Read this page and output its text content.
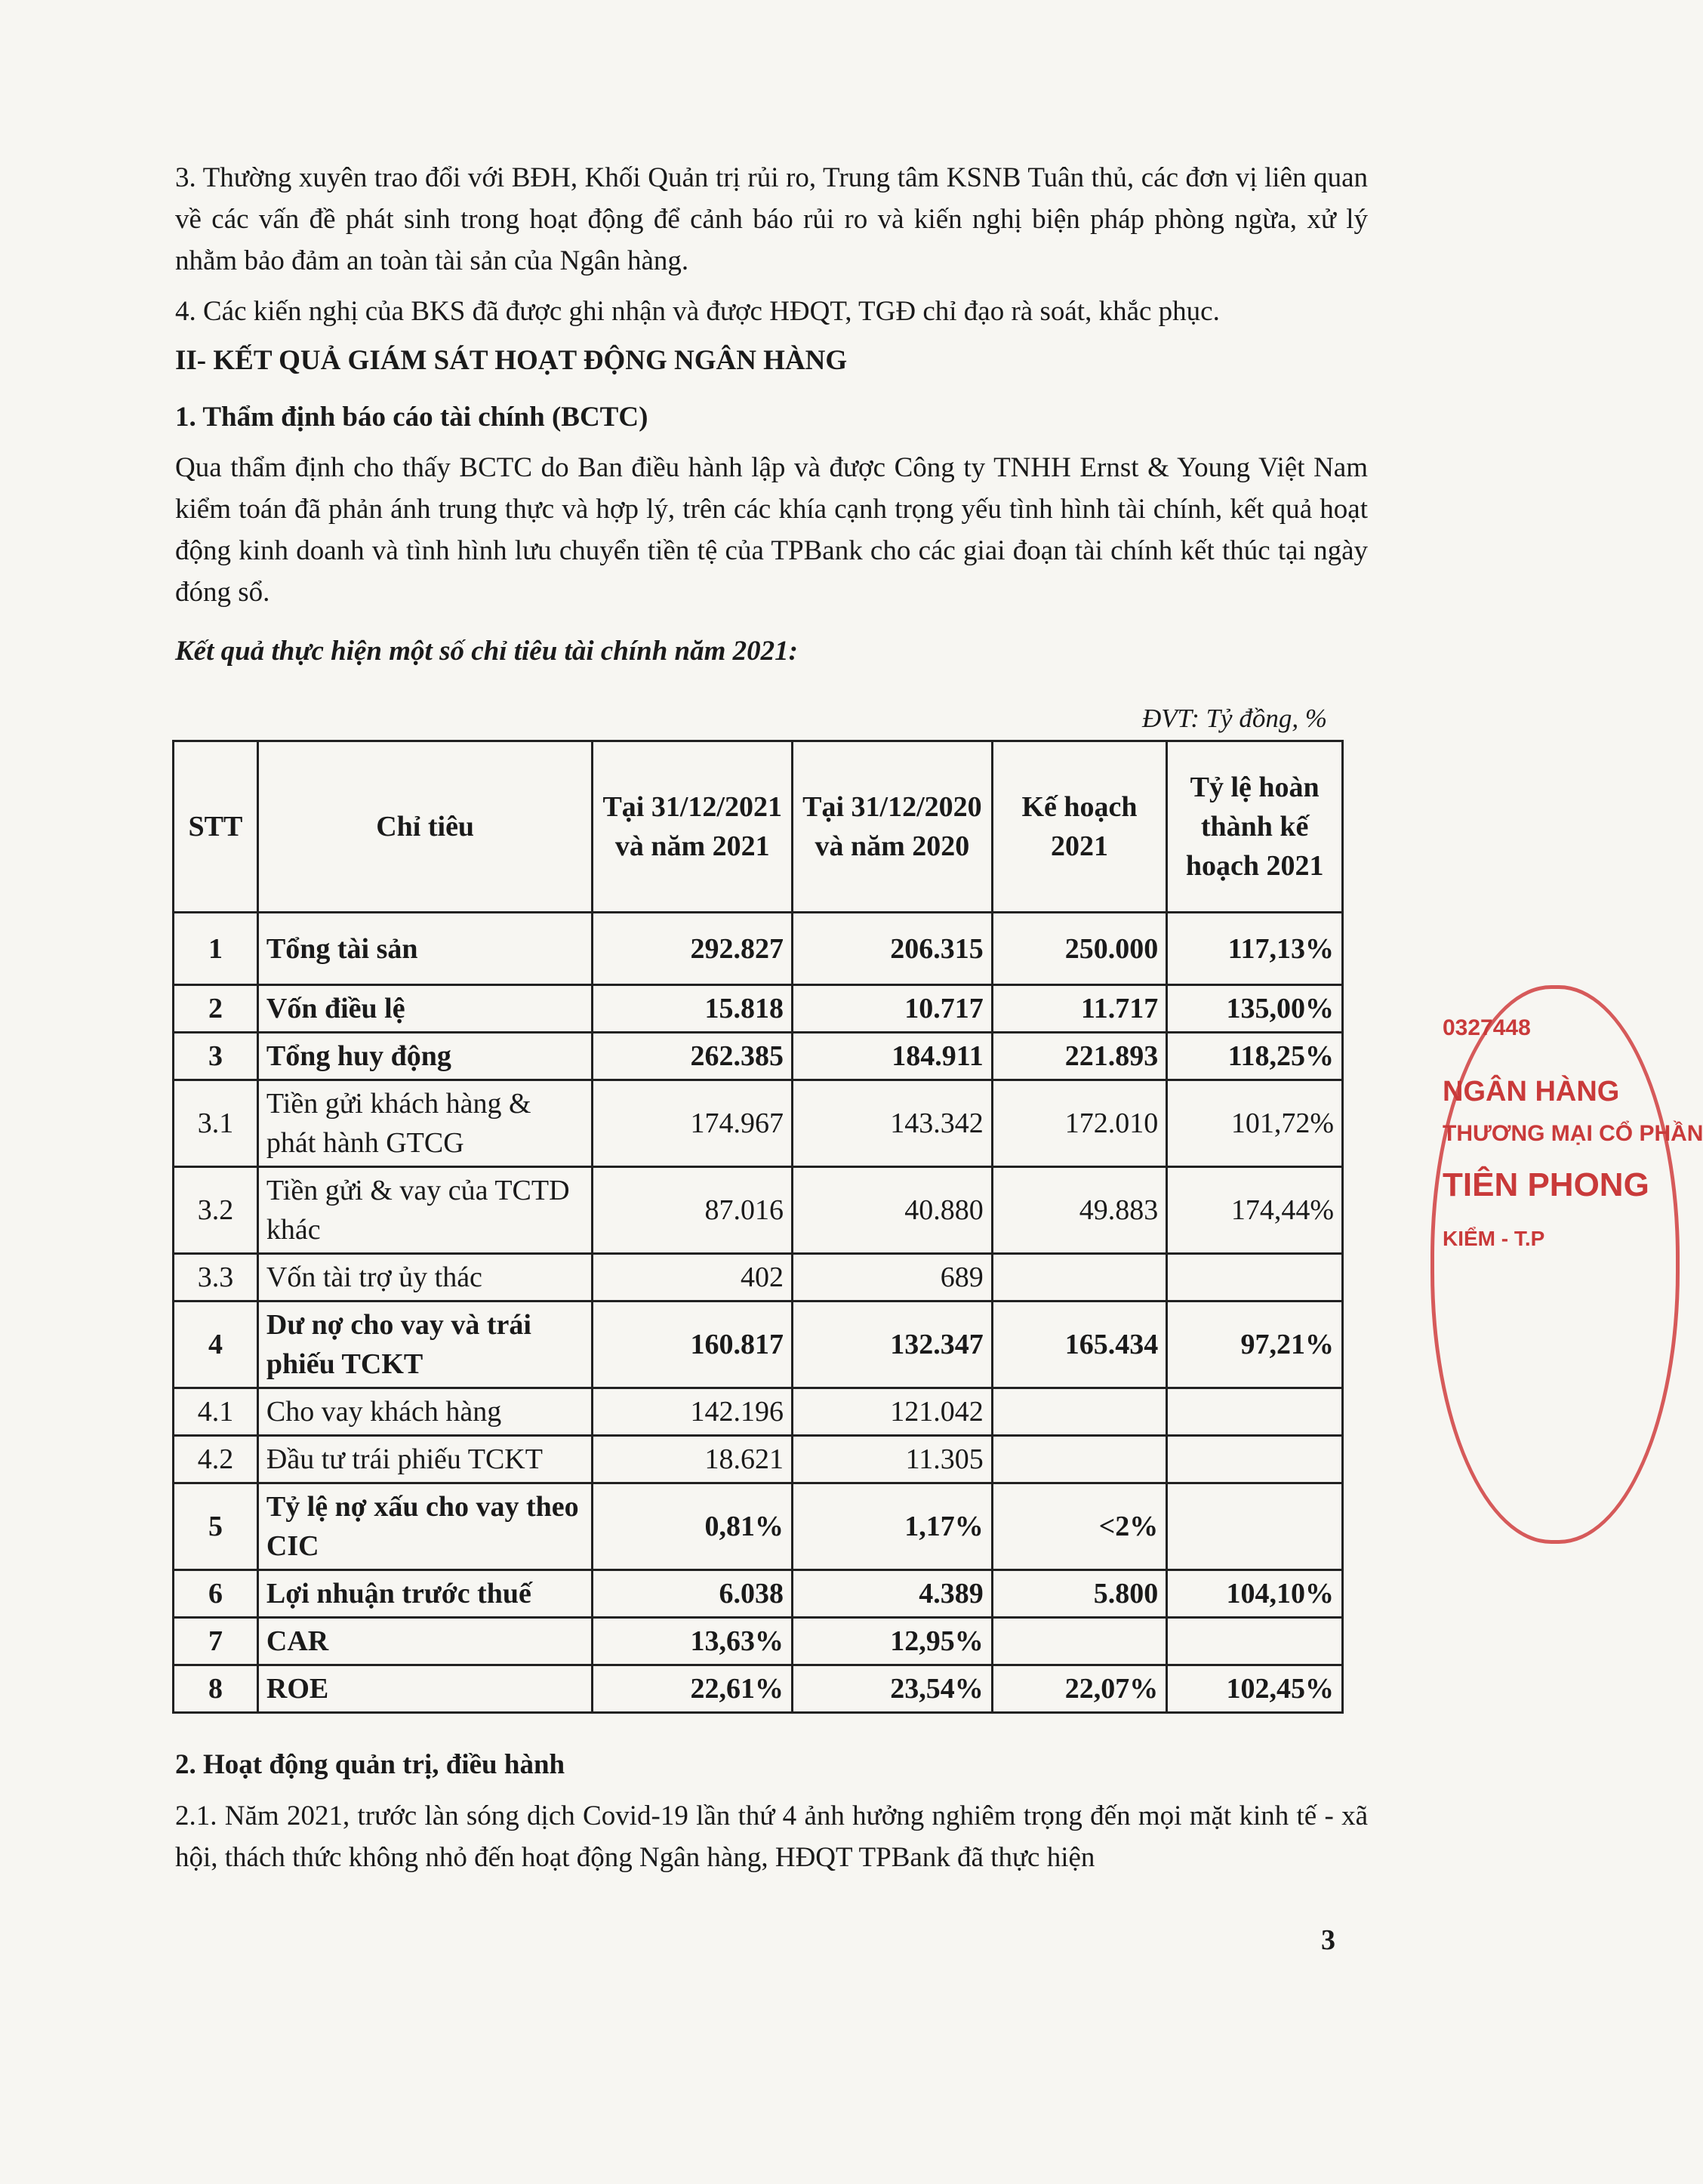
3. Thường xuyên trao đổi với BĐH, Khối Quản trị rủi ro, Trung tâm KSNB Tuân thủ, các đơn vị liên quan về các vấn đề phát sinh trong hoạt động để cảnh báo rủi ro và kiến nghị biện pháp phòng ngừa, xử lý nhằm bảo đảm an toàn tài sản của Ngân hàng.
4. Các kiến nghị của BKS đã được ghi nhận và được HĐQT, TGĐ chỉ đạo rà soát, khắc phục.
II- KẾT QUẢ GIÁM SÁT HOẠT ĐỘNG NGÂN HÀNG
1. Thẩm định báo cáo tài chính (BCTC)
Qua thẩm định cho thấy BCTC do Ban điều hành lập và được Công ty TNHH Ernst & Young Việt Nam kiểm toán đã phản ánh trung thực và hợp lý, trên các khía cạnh trọng yếu tình hình tài chính, kết quả hoạt động kinh doanh và tình hình lưu chuyển tiền tệ của TPBank cho các giai đoạn tài chính kết thúc tại ngày đóng sổ.
Kết quả thực hiện một số chỉ tiêu tài chính năm 2021:
ĐVT: Tỷ đồng, %
STT	Chỉ tiêu	Tại 31/12/2021 và năm 2021	Tại 31/12/2020 và năm 2020	Kế hoạch 2021	Tỷ lệ hoàn thành kế hoạch 2021
1	Tổng tài sản	292.827	206.315	250.000	117,13%
2	Vốn điều lệ	15.818	10.717	11.717	135,00%
3	Tổng huy động	262.385	184.911	221.893	118,25%
3.1	Tiền gửi khách hàng & phát hành GTCG	174.967	143.342	172.010	101,72%
3.2	Tiền gửi & vay của TCTD khác	87.016	40.880	49.883	174,44%
3.3	Vốn tài trợ ủy thác	402	689		
4	Dư nợ cho vay và trái phiếu TCKT	160.817	132.347	165.434	97,21%
4.1	Cho vay khách hàng	142.196	121.042		
4.2	Đầu tư trái phiếu TCKT	18.621	11.305		
5	Tỷ lệ nợ xấu cho vay theo CIC	0,81%	1,17%	<2%	
6	Lợi nhuận trước thuế	6.038	4.389	5.800	104,10%
7	CAR	13,63%	12,95%		
8	ROE	22,61%	23,54%	22,07%	102,45%
2. Hoạt động quản trị, điều hành
2.1. Năm 2021, trước làn sóng dịch Covid-19 lần thứ 4 ảnh hưởng nghiêm trọng đến mọi mặt kinh tế - xã hội, thách thức không nhỏ đến hoạt động Ngân hàng, HĐQT TPBank đã thực hiện
3
0327448
NGÂN HÀNG
THƯƠNG MẠI CỔ PHẦN
TIÊN PHONG
KIỂM - T.P
